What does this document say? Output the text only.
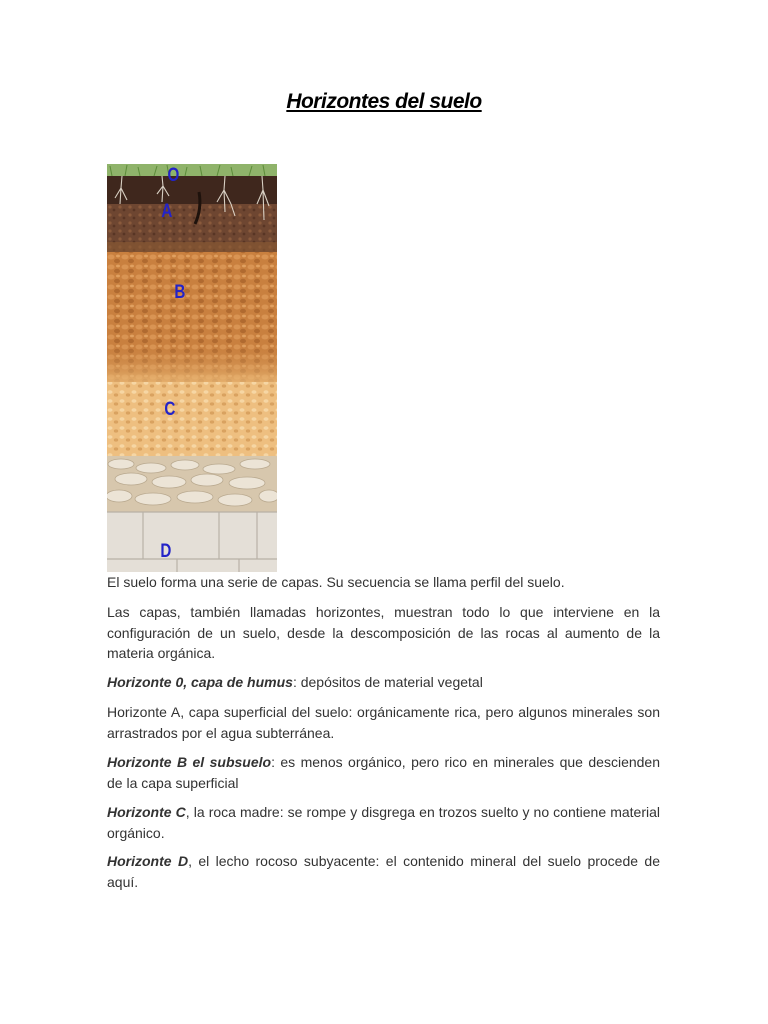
Horizontes del suelo
O
A
B
C
D

El suelo forma una serie de capas. Su secuencia se llama perfil del suelo.

Las capas, también llamadas horizontes, muestran todo lo que interviene en la configuración de un suelo, desde la descomposición de las rocas al aumento de la materia orgánica.

Horizonte 0, capa de humus: depósitos de material vegetal

Horizonte A, capa superficial del suelo: orgánicamente rica, pero algunos minerales son arrastrados por el agua subterránea.

Horizonte B el subsuelo: es menos orgánico, pero rico en minerales que descienden de la capa superficial

Horizonte C, la roca madre: se rompe y disgrega en trozos suelto y no contiene material orgánico.

Horizonte D, el lecho rocoso subyacente: el contenido mineral del suelo procede de aquí.
